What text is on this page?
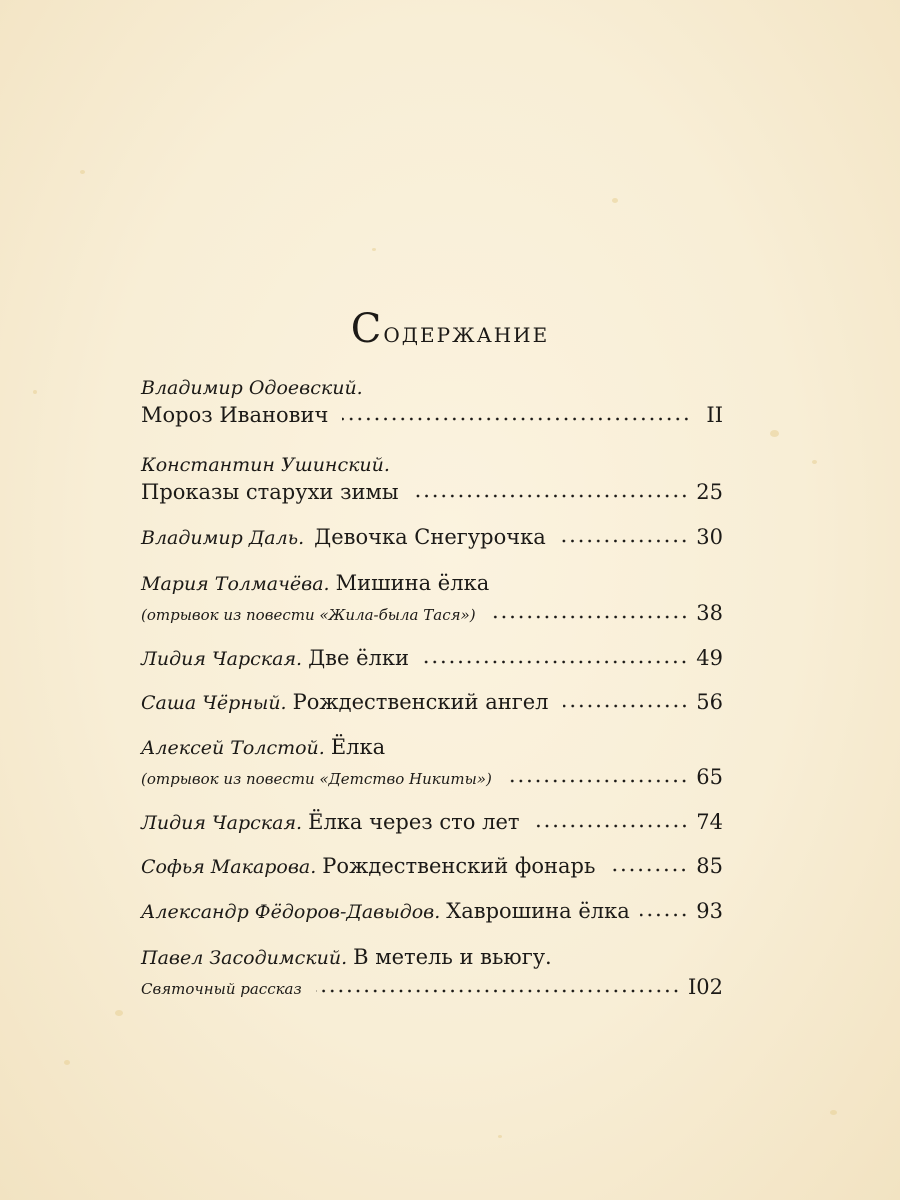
Содержание
Владимир Одоевский.
Мороз Иванович	II
Константин Ушинский.
Проказы старухи зимы	25
Владимир Даль. Девочка Снегурочка	30
Мария Толмачёва. Мишина ёлка
(отрывок из повести «Жила-была Тася»)	38
Лидия Чарская. Две ёлки	49
Саша Чёрный. Рождественский ангел	56
Алексей Толстой. Ёлка
(отрывок из повести «Детство Никиты»)	65
Лидия Чарская. Ёлка через сто лет	74
Софья Макарова. Рождественский фонарь	85
Александр Фёдоров-Давыдов. Хаврошина ёлка	93
Павел Засодимский. В метель и вьюгу.
Святочный рассказ	I02
